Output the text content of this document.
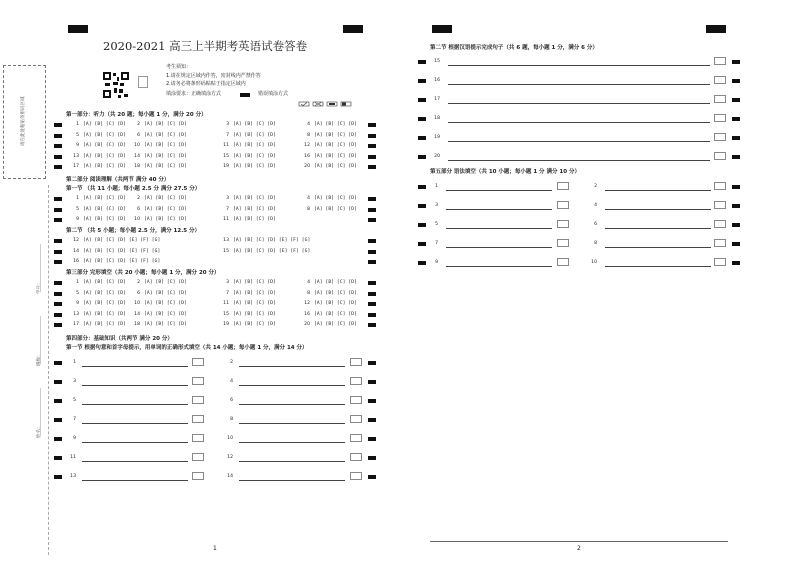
请在此处粘贴条形码区域
学号：
班级：
姓名：
2020-2021 高三上半期考英语试卷答卷
考生须知：
1.请在规定区域内作答，密封线内严禁作答
2.请务必将条形码粘贴于指定区域内
填涂要求：正确填涂方式	错误填涂方式
第一部分：听力（共 20 题；每小题 1 分，满分 20 分）
第二部分 阅读理解（共两节 满分 40 分）
第一节 （共 11 小题；每小题 2.5 分 满分 27.5 分）
第二节 （共 5 小题；每小题 2.5 分，满分 12.5 分）
第三部分 完形填空（共 20 小题；每小题 1 分，满分 20 分）
第四部分：基础知识（共两节 满分 20 分）
第一节 根据句意和首字母提示，用单词的正确形式填空（共 14 小题；每小题 1 分，满分 14 分）
1
第二节 根据汉语提示完成句子（共 6 题，每小题 1 分，满分 6 分）
第五部分 语法填空（共 10 小题；每小题 1 分 满分 10 分）
2
1 [A] [B] [C] [D]	2 [A] [B] [C] [D]	3 [A] [B] [C] [D]	4 [A] [B] [C] [D]
5 [A] [B] [C] [D]	6 [A] [B] [C] [D]	7 [A] [B] [C] [D]	8 [A] [B] [C] [D]
9 [A] [B] [C] [D]	10 [A] [B] [C] [D]	11 [A] [B] [C] [D]	12 [A] [B] [C] [D]
13 [A] [B] [C] [D]	14 [A] [B] [C] [D]	15 [A] [B] [C] [D]	16 [A] [B] [C] [D]
17 [A] [B] [C] [D]	18 [A] [B] [C] [D]	19 [A] [B] [C] [D]	20 [A] [B] [C] [D]
1 [A] [B] [C] [D]	2 [A] [B] [C] [D]	3 [A] [B] [C] [D]	4 [A] [B] [C] [D]
5 [A] [B] [C] [D]	6 [A] [B] [C] [D]	7 [A] [B] [C] [D]	8 [A] [B] [C] [D]
9 [A] [B] [C] [D]	10 [A] [B] [C] [D]	11 [A] [B] [C] [D]
12 [A] [B] [C] [D] [E] [F] [G]	13 [A] [B] [C] [D] [E] [F] [G]
14 [A] [B] [C] [D] [E] [F] [G]	15 [A] [B] [C] [D] [E] [F] [G]
16 [A] [B] [C] [D] [E] [F] [G]
1 [A] [B] [C] [D]	2 [A] [B] [C] [D]	3 [A] [B] [C] [D]	4 [A] [B] [C] [D]
5 [A] [B] [C] [D]	6 [A] [B] [C] [D]	7 [A] [B] [C] [D]	8 [A] [B] [C] [D]
9 [A] [B] [C] [D]	10 [A] [B] [C] [D]	11 [A] [B] [C] [D]	12 [A] [B] [C] [D]
13 [A] [B] [C] [D]	14 [A] [B] [C] [D]	15 [A] [B] [C] [D]	16 [A] [B] [C] [D]
17 [A] [B] [C] [D]	18 [A] [B] [C] [D]	19 [A] [B] [C] [D]	20 [A] [B] [C] [D]
1	2
3	4
5	6
7	8
9	10
11	12
13	14
15
16
17
18
19
20
1	2
3	4
5	6
7	8
9	10
